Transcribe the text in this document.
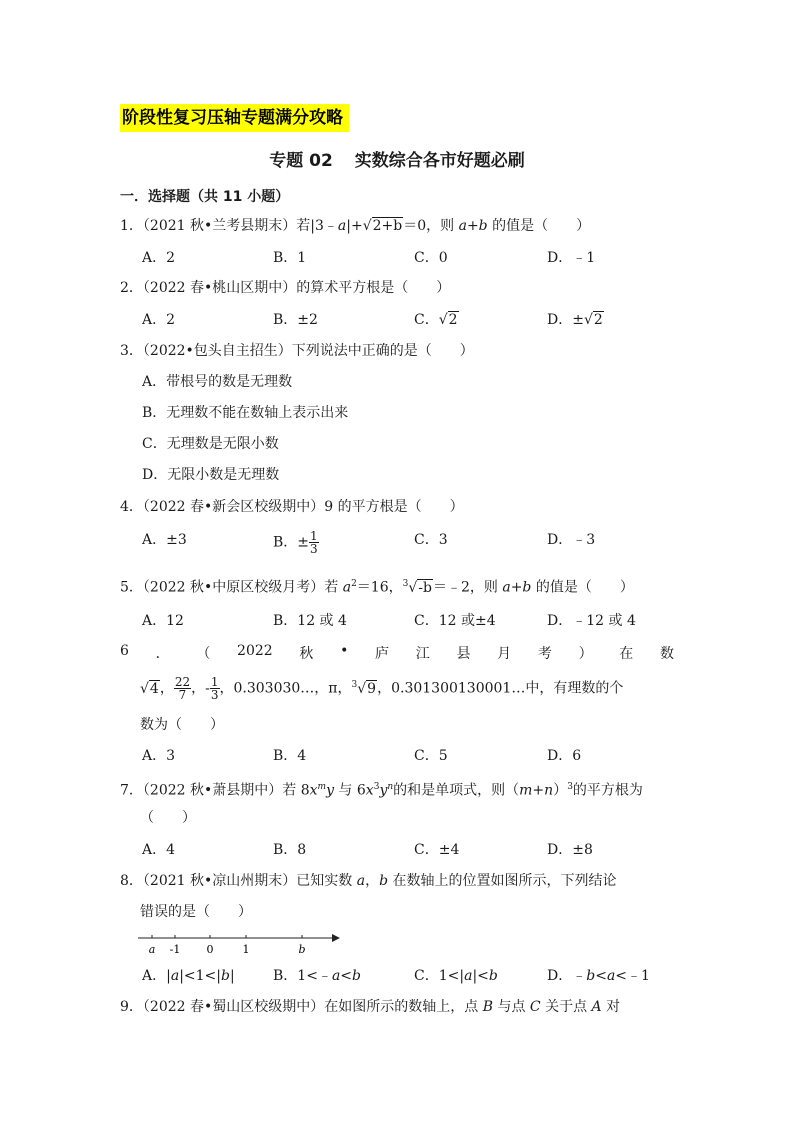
阶段性复习压轴专题满分攻略
专题 02 实数综合各市好题必刷
一．选择题（共 11 小题）
1．（2021 秋•兰考县期末）若|3﹣a|+√2+b＝0，则 a+b 的值是（　　）
A．2	B．1	C．0	D．﹣1
2．（2022 春•桃山区期中）的算术平方根是（　　）
A．2	B．±2	C．√2	D．±√2
3．（2022•包头自主招生）下列说法中正确的是（　　）
A．带根号的数是无理数
B．无理数不能在数轴上表示出来
C．无理数是无限小数
D．无限小数是无理数
4．（2022 春•新会区校级期中）9 的平方根是（　　）
A．±3	B．± $\frac{1}{3}$	C．3	D．﹣3
5．（2022 秋•中原区校级月考）若 $a^2=16$，$^3$√-b＝﹣2，则 a+b 的值是（　　）
A．12	B．12 或 4	C．12 或±4	D．﹣12 或 4
6 ． （ 2022 秋 • 庐 江 县 月 考 ） 在 数
√4， $\frac{22}{7}$ ，- $\frac{1}{3}$ ，0.303030…，π，$^3$√9，0.301300130001…中，有理数的个
数为（　　）
A．3	B．4	C．5	D．6
7．（2022 秋•萧县期中）若 $8x^my$ 与 $6x^3y^n$的和是单项式，则$(m+n)^3$的平方根为
（　　）
A．4	B．8	C．±4	D．±8
8．（2021 秋•凉山州期末）已知实数 a，b 在数轴上的位置如图所示，下列结论
错误的是（　　）
a -1 0	1	b
A．|a|<1<|b|	B．1<﹣a<b	C．1<|a|<b	D．﹣b<a<﹣1
9．（2022 春•蜀山区校级期中）在如图所示的数轴上，点 B 与点 C 关于点 A 对
